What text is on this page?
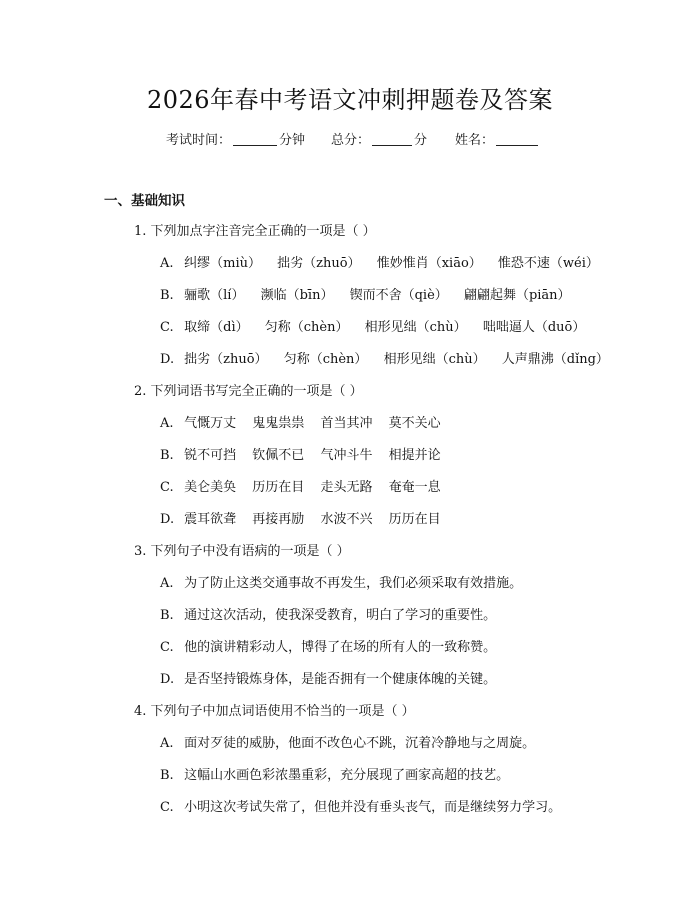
2026年春中考语文冲刺押题卷及答案
考试时间：	分钟 总分：	分 姓名：
一、基础知识
1. 下列加点字注音完全正确的一项是（ ）
A. 纠缪（miù） 拙劣（zhuō） 惟妙惟肖（xiāo） 惟恐不速（wéi）
B. 骊歌（lí） 濒临（bīn） 锲而不舍（qiè） 翩翩起舞（piān）
C. 取缔（dì） 匀称（chèn） 相形见绌（chù） 咄咄逼人（duō）
D. 拙劣（zhuō） 匀称（chèn） 相形见绌（chù） 人声鼎沸（dǐng）
2. 下列词语书写完全正确的一项是（ ）
A. 气慨万丈 鬼鬼祟祟 首当其冲 莫不关心
B. 锐不可挡 钦佩不已 气冲斗牛 相提并论
C. 美仑美奂 历历在目 走头无路 奄奄一息
D. 震耳欲聋 再接再励 水波不兴 历历在目
3. 下列句子中没有语病的一项是（ ）
A. 为了防止这类交通事故不再发生，我们必须采取有效措施。
B. 通过这次活动，使我深受教育，明白了学习的重要性。
C. 他的演讲精彩动人，博得了在场的所有人的一致称赞。
D. 是否坚持锻炼身体，是能否拥有一个健康体魄的关键。
4. 下列句子中加点词语使用不恰当的一项是（ ）
A. 面对歹徒的威胁，他面不改色心不跳，沉着冷静地与之周旋。
B. 这幅山水画色彩浓墨重彩，充分展现了画家高超的技艺。
C. 小明这次考试失常了，但他并没有垂头丧气，而是继续努力学习。
